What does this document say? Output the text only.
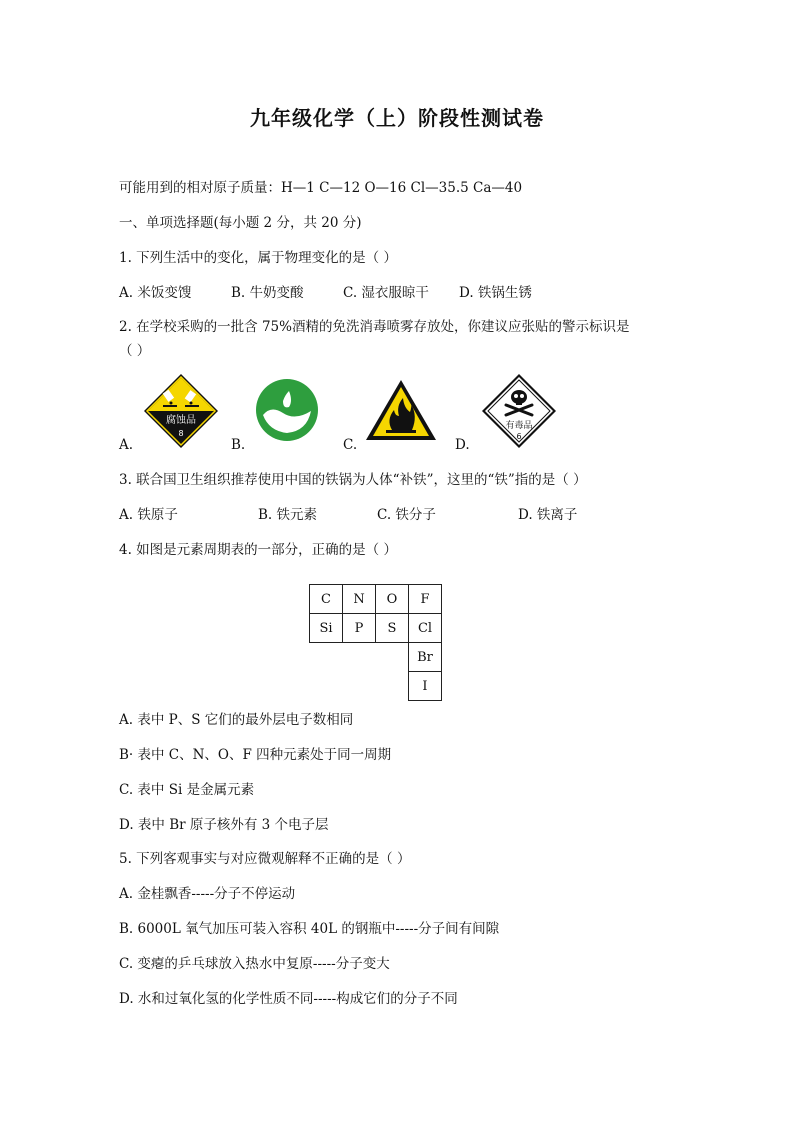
九年级化学（上）阶段性测试卷
可能用到的相对原子质量：H—1 C—12 O—16 Cl—35.5 Ca—40
一、单项选择题(每小题 2 分，共 20 分)
1. 下列生活中的变化，属于物理变化的是（ ）
A. 米饭变馊	B. 牛奶变酸	C. 湿衣服晾干 D. 铁锅生锈
2. 在学校采购的一批含 75%酒精的免洗消毒喷雾存放处，你建议应张贴的警示标识是
（ ）
A.	B.	C.	D.
腐蚀品
8
有毒品
6
3. 联合国卫生组织推荐使用中国的铁锅为人体“补铁”，这里的“铁”指的是（ ）
A. 铁原子	B. 铁元素	C. 铁分子	D. 铁离子
4. 如图是元素周期表的一部分，正确的是（ ）
C	N	O	F
Si	P	S	Cl
			Br
			I
A. 表中 P、S 它们的最外层电子数相同
B· 表中 C、N、O、F 四种元素处于同一周期
C. 表中 Si 是金属元素
D. 表中 Br 原子核外有 3 个电子层
5. 下列客观事实与对应微观解释不正确的是（ ）
A. 金桂飘香-----分子不停运动
B. 6000L 氧气加压可装入容积 40L 的钢瓶中-----分子间有间隙
C. 变瘪的乒乓球放入热水中复原-----分子变大
D. 水和过氧化氢的化学性质不同-----构成它们的分子不同
